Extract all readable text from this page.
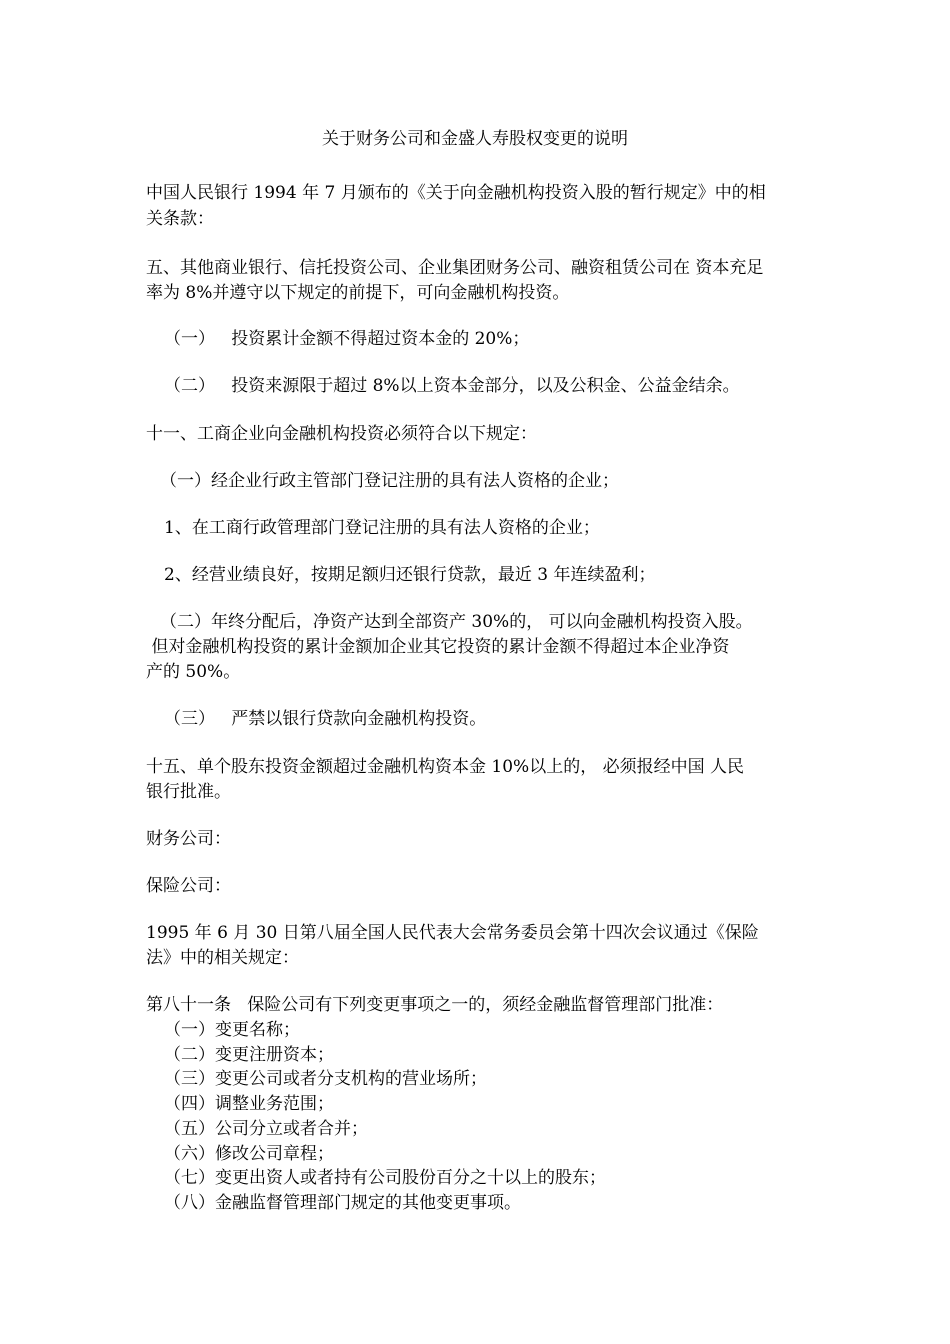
关于财务公司和金盛人寿股权变更的说明
中国人民银行 1994 年 7 月颁布的《关于向金融机构投资入股的暂行规定》中的相
关条款：
五、其他商业银行、信托投资公司、企业集团财务公司、融资租赁公司在 资本充足
率为 8%并遵守以下规定的前提下，可向金融机构投资。
（一）   投资累计金额不得超过资本金的 20%；
（二）   投资来源限于超过 8%以上资本金部分，以及公积金、公益金结余。
十一、工商企业向金融机构投资必须符合以下规定：
（一）经企业行政主管部门登记注册的具有法人资格的企业；
1、在工商行政管理部门登记注册的具有法人资格的企业；
2、经营业绩良好，按期足额归还银行贷款，最近 3 年连续盈利；
（二）年终分配后，净资产达到全部资产 30%的， 可以向金融机构投资入股。
但对金融机构投资的累计金额加企业其它投资的累计金额不得超过本企业净资
产的 50%。
（三）   严禁以银行贷款向金融机构投资。
十五、单个股东投资金额超过金融机构资本金 10%以上的， 必须报经中国 人民
银行批准。
财务公司：
保险公司：
1995 年 6 月 30 日第八届全国人民代表大会常务委员会第十四次会议通过《保险
法》中的相关规定：
第八十一条   保险公司有下列变更事项之一的，须经金融监督管理部门批准：
（一）变更名称；
（二）变更注册资本；
（三）变更公司或者分支机构的营业场所；
（四）调整业务范围；
（五）公司分立或者合并；
（六）修改公司章程；
（七）变更出资人或者持有公司股份百分之十以上的股东；
（八）金融监督管理部门规定的其他变更事项。
